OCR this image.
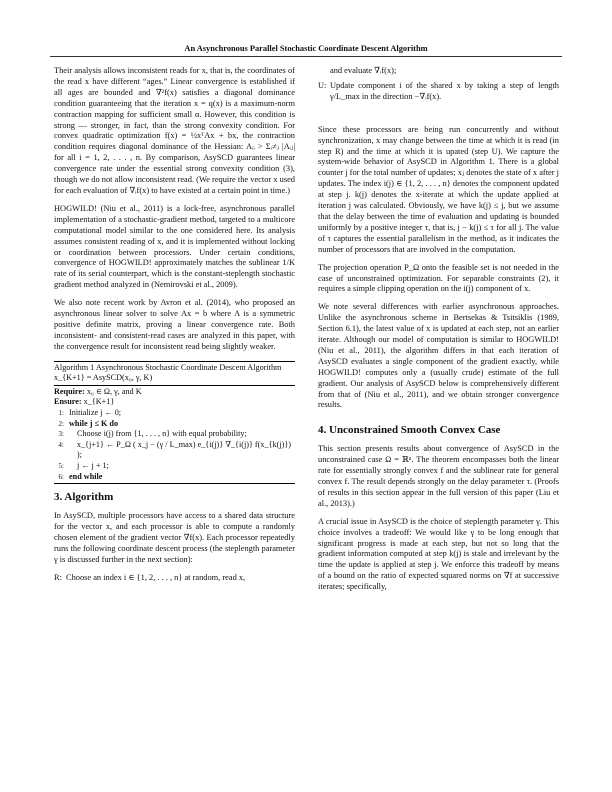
An Asynchronous Parallel Stochastic Coordinate Descent Algorithm

Their analysis allows inconsistent reads for x, that is, the coordinates of the read x have different “ages.” Linear convergence is established if all ages are bounded and ∇²f(x) satisfies a diagonal dominance condition guaranteeing that the iteration x = q(x) is a maximum-norm contraction mapping for sufficient small α. However, this condition is strong — stronger, in fact, than the strong convexity condition. For convex quadratic optimization f(x) = ½xᵀAx + bx, the contraction condition requires diagonal dominance of the Hessian: Aᵢᵢ > Σᵢ≠ⱼ |Aᵢⱼ| for all i = 1, 2, . . . , n. By comparison, AsySCD guarantees linear convergence rate under the essential strong convexity condition (3), though we do not allow inconsistent read. (We require the vector x used for each evaluation of ∇ᵢf(x) to have existed at a certain point in time.)

HOGWILD! (Niu et al., 2011) is a lock-free, asynchronous parallel implementation of a stochastic-gradient method, targeted to a multicore computational model similar to the one considered here. Its analysis assumes consistent reading of x, and it is implemented without locking or coordination between processors. Under certain conditions, convergence of HOGWILD! approximately matches the sublinear 1/K rate of its serial counterpart, which is the constant-steplength stochastic gradient method analyzed in (Nemirovski et al., 2009).

We also note recent work by Avron et al. (2014), who proposed an asynchronous linear solver to solve Ax = b where A is a symmetric positive definite matrix, proving a linear convergence rate. Both inconsistent- and consistent-read cases are analyzed in this paper, with the convergence result for inconsistent read being slightly weaker.

Algorithm 1 Asynchronous Stochastic Coordinate Descent Algorithm x_{K+1} = AsySCD(x₀, γ, K)
Require: x₀ ∈ Ω, γ, and K
Ensure: x_{K+1}
1: Initialize j ← 0;
2: while j ≤ K do
3:	Choose i(j) from {1, . . . , n} with equal probability;
4:	x_{j+1} ← P_Ω ( x_j − (γ / L_max) e_{i(j)} ∇_{i(j)} f(x_{k(j)}) );
5:	j ← j + 1;
6: end while
3. Algorithm

In AsySCD, multiple processors have access to a shared data structure for the vector x, and each processor is able to compute a randomly chosen element of the gradient vector ∇f(x). Each processor repeatedly runs the following coordinate descent process (the steplength parameter γ is discussed further in the next section):

R: Choose an index i ∈ {1, 2, . . . , n} at random, read x,
and evaluate ∇ᵢf(x);
U: Update component i of the shared x by taking a step of length γ/L_max in the direction −∇ᵢf(x).

Since these processors are being run concurrently and without synchronization, x may change between the time at which it is read (in step R) and the time at which it is upated (step U). We capture the system-wide behavior of AsySCD in Algorithm 1. There is a global counter j for the total number of updates; xⱼ denotes the state of x after j updates. The index i(j) ∈ {1, 2, . . . , n} denotes the component updated at step j. k(j) denotes the x-iterate at which the update applied at iteration j was calculated. Obviously, we have k(j) ≤ j, but we assume that the delay between the time of evaluation and updating is bounded uniformly by a positive integer τ, that is, j − k(j) ≤ τ for all j. The value of τ captures the essential parallelism in the method, as it indicates the number of processors that are involved in the computation.

The projection operation P_Ω onto the feasible set is not needed in the case of unconstrained optimization. For separable constraints (2), it requires a simple clipping operation on the i(j) component of x.

We note several differences with earlier asynchronous approaches. Unlike the asynchronous scheme in Bertsekas & Tsitsiklis (1989, Section 6.1), the latest value of x is updated at each step, not an earlier iterate. Although our model of computation is similar to HOGWILD! (Niu et al., 2011), the algorithm differs in that each iteration of AsySCD evaluates a single component of the gradient exactly, while HOGWILD! computes only a (usually crude) estimate of the full gradient. Our analysis of AsySCD below is comprehensively different from that of (Niu et al., 2011), and we obtain stronger convergence results.

4. Unconstrained Smooth Convex Case

This section presents results about convergence of AsySCD in the unconstrained case Ω = ℝⁿ. The theorem encompasses both the linear rate for essentially strongly convex f and the sublinear rate for general convex f. The result depends strongly on the delay parameter τ. (Proofs of results in this section appear in the full version of this paper (Liu et al., 2013).)

A crucial issue in AsySCD is the choice of steplength parameter γ. This choice involves a tradeoff: We would like γ to be long enough that significant progress is made at each step, but not so long that the gradient information computed at step k(j) is stale and irrelevant by the time the update is applied at step j. We enforce this tradeoff by means of a bound on the ratio of expected squared norms on ∇f at successive iterates; specifically,
